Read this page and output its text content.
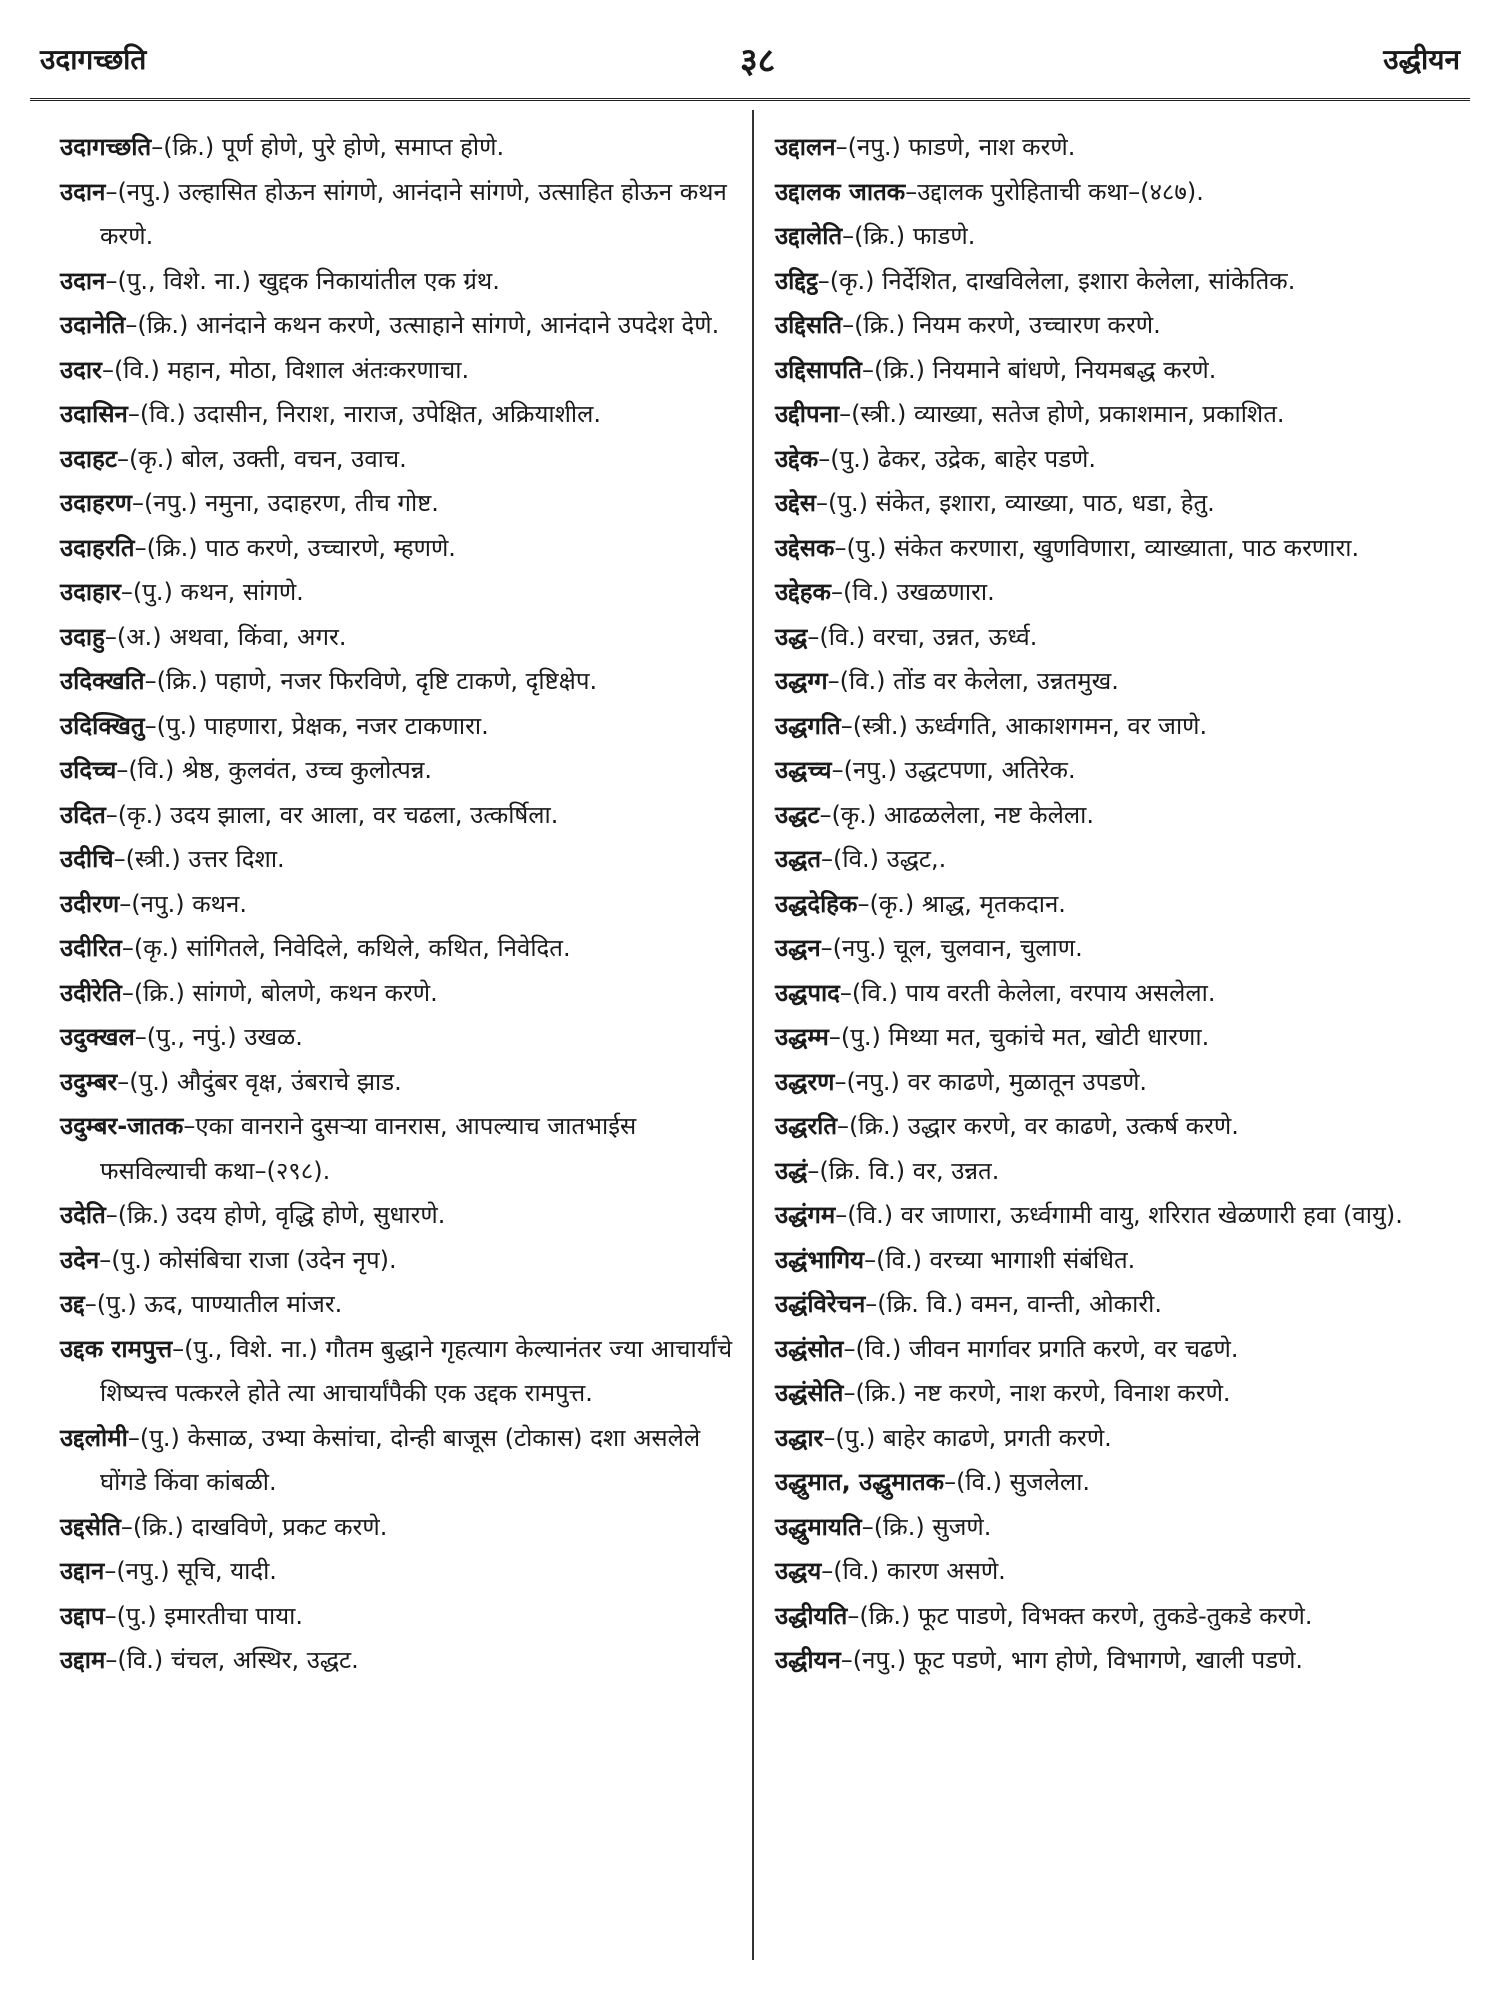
उदागच्छति	३८	उद्धीयन

उदागच्छति–(क्रि.) पूर्ण होणे, पुरे होणे, समाप्त होणे.

उदान–(नपु.) उल्हासित होऊन सांगणे, आनंदाने सांगणे, उत्साहित होऊन कथन करणे.

उदान–(पु., विशे. ना.) खुद्दक निकायांतील एक ग्रंथ.

उदानेति–(क्रि.) आनंदाने कथन करणे, उत्साहाने सांगणे, आनंदाने उपदेश देणे.

उदार–(वि.) महान, मोठा, विशाल अंतःकरणाचा.

उदासिन–(वि.) उदासीन, निराश, नाराज, उपेक्षित, अक्रियाशील.

उदाहट–(कृ.) बोल, उक्ती, वचन, उवाच.

उदाहरण–(नपु.) नमुना, उदाहरण, तीच गोष्ट.

उदाहरति–(क्रि.) पाठ करणे, उच्चारणे, म्हणणे.

उदाहार–(पु.) कथन, सांगणे.

उदाहु–(अ.) अथवा, किंवा, अगर.

उदिक्खति–(क्रि.) पहाणे, नजर फिरविणे, दृष्टि टाकणे, दृष्टिक्षेप.

उदिक्खितु–(पु.) पाहणारा, प्रेक्षक, नजर टाकणारा.

उदिच्च–(वि.) श्रेष्ठ, कुलवंत, उच्च कुलोत्पन्न.

उदित–(कृ.) उदय झाला, वर आला, वर चढला, उत्कर्षिला.

उदीचि–(स्त्री.) उत्तर दिशा.

उदीरण–(नपु.) कथन.

उदीरित–(कृ.) सांगितले, निवेदिले, कथिले, कथित, निवेदित.

उदीरेति–(क्रि.) सांगणे, बोलणे, कथन करणे.

उदुक्खल–(पु., नपुं.) उखळ.

उदुम्बर–(पु.) औदुंबर वृक्ष, उंबराचे झाड.

उदुम्बर-जातक–एका वानराने दुसऱ्या वानरास, आपल्याच जातभाईस फसविल्याची कथा–(२९८).

उदेति–(क्रि.) उदय होणे, वृद्धि होणे, सुधारणे.

उदेन–(पु.) कोसंबिचा राजा (उदेन नृप).

उद्द–(पु.) ऊद, पाण्यातील मांजर.

उद्दक रामपुत्त–(पु., विशे. ना.) गौतम बुद्धाने गृहत्याग केल्यानंतर ज्या आचार्यांचे शिष्यत्त्व पत्करले होते त्या आचार्यांपैकी एक उद्दक रामपुत्त.

उद्दलोमी–(पु.) केसाळ, उभ्या केसांचा, दोन्ही बाजूस (टोकास) दशा असलेले घोंगडे किंवा कांबळी.

उद्दसेति–(क्रि.) दाखविणे, प्रकट करणे.

उद्दान–(नपु.) सूचि, यादी.

उद्दाप–(पु.) इमारतीचा पाया.

उद्दाम–(वि.) चंचल, अस्थिर, उद्धट.

उद्दालन–(नपु.) फाडणे, नाश करणे.

उद्दालक जातक–उद्दालक पुरोहिताची कथा–(४८७).

उद्दालेति–(क्रि.) फाडणे.

उद्दिट्ठ–(कृ.) निर्देशित, दाखविलेला, इशारा केलेला, सांकेतिक.

उद्दिसति–(क्रि.) नियम करणे, उच्चारण करणे.

उद्दिसापति–(क्रि.) नियमाने बांधणे, नियमबद्ध करणे.

उद्दीपना–(स्त्री.) व्याख्या, सतेज होणे, प्रकाशमान, प्रकाशित.

उद्देक–(पु.) ढेकर, उद्रेक, बाहेर पडणे.

उद्देस–(पु.) संकेत, इशारा, व्याख्या, पाठ, धडा, हेतु.

उद्देसक–(पु.) संकेत करणारा, खुणविणारा, व्याख्याता, पाठ करणारा.

उद्देहक–(वि.) उखळणारा.

उद्ध–(वि.) वरचा, उन्नत, ऊर्ध्व.

उद्धग्ग–(वि.) तोंड वर केलेला, उन्नतमुख.

उद्धगति–(स्त्री.) ऊर्ध्वगति, आकाशगमन, वर जाणे.

उद्धच्च–(नपु.) उद्धटपणा, अतिरेक.

उद्धट–(कृ.) आढळलेला, नष्ट केलेला.

उद्धत–(वि.) उद्धट,.

उद्धदेहिक–(कृ.) श्राद्ध, मृतकदान.

उद्धन–(नपु.) चूल, चुलवान, चुलाण.

उद्धपाद–(वि.) पाय वरती केलेला, वरपाय असलेला.

उद्धम्म–(पु.) मिथ्या मत, चुकांचे मत, खोटी धारणा.

उद्धरण–(नपु.) वर काढणे, मुळातून उपडणे.

उद्धरति–(क्रि.) उद्धार करणे, वर काढणे, उत्कर्ष करणे.

उद्धं–(क्रि. वि.) वर, उन्नत.

उद्धंगम–(वि.) वर जाणारा, ऊर्ध्वगामी वायु, शरिरात खेळणारी हवा (वायु).

उद्धंभागिय–(वि.) वरच्या भागाशी संबंधित.

उद्धंविरेचन–(क्रि. वि.) वमन, वान्ती, ओकारी.

उद्धंसोत–(वि.) जीवन मार्गावर प्रगति करणे, वर चढणे.

उद्धंसेति–(क्रि.) नष्ट करणे, नाश करणे, विनाश करणे.

उद्धार–(पु.) बाहेर काढणे, प्रगती करणे.

उद्धुमात, उद्धुमातक–(वि.) सुजलेला.

उद्धुमायति–(क्रि.) सुजणे.

उद्धय–(वि.) कारण असणे.

उद्धीयति–(क्रि.) फूट पाडणे, विभक्त करणे, तुकडे-तुकडे करणे.

उद्धीयन–(नपु.) फूट पडणे, भाग होणे, विभागणे, खाली पडणे.
